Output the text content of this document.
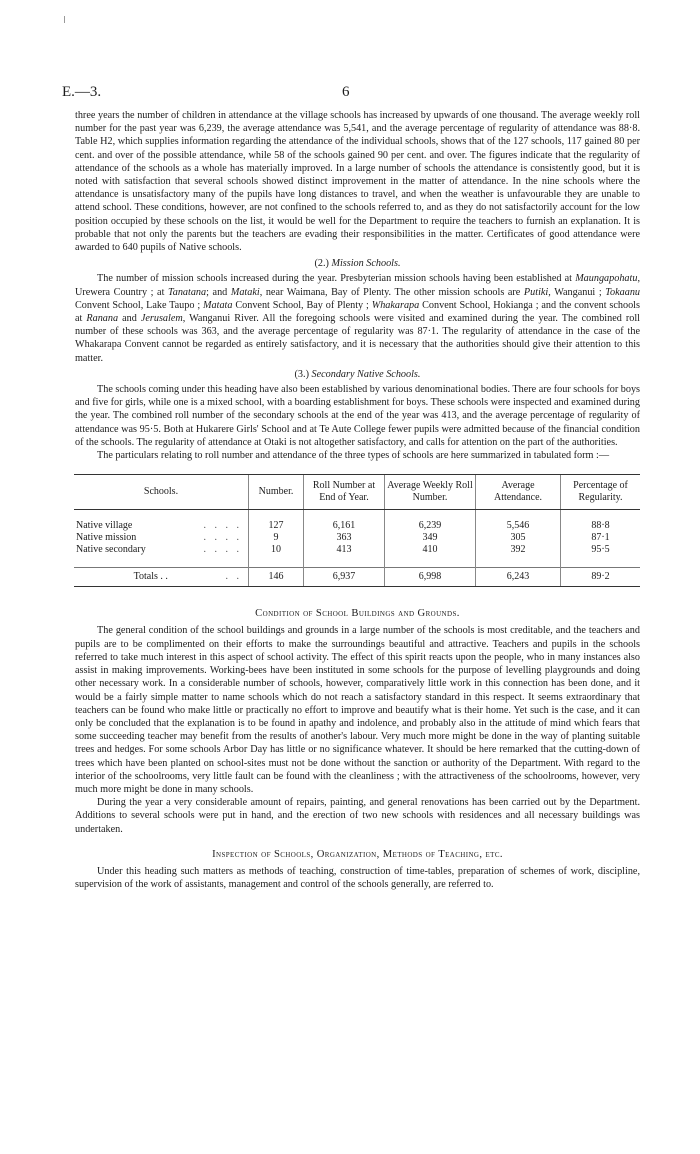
E.—3.	6

three years the number of children in attendance at the village schools has increased by upwards of one thousand. The average weekly roll number for the past year was 6,239, the average attendance was 5,541, and the average percentage of regularity of attendance was 88·8. Table H2, which supplies information regarding the attendance of the individual schools, shows that of the 127 schools, 117 gained 80 per cent. and over of the possible attendance, while 58 of the schools gained 90 per cent. and over. The figures indicate that the regularity of attendance of the schools as a whole has materially improved. In a large number of schools the attendance is consistently good, but it is noted with satisfaction that several schools showed distinct improvement in the matter of attendance. In the nine schools where the attendance is unsatisfactory many of the pupils have long distances to travel, and when the weather is unfavourable they are unable to attend school. These conditions, however, are not confined to the schools referred to, and as they do not satisfactorily account for the low position occupied by these schools on the list, it would be well for the Department to require the teachers to furnish an explanation. It is probable that not only the parents but the teachers are evading their responsibilities in the matter. Certificates of good attendance were awarded to 640 pupils of Native schools.

(2.) Mission Schools.

The number of mission schools increased during the year. Presbyterian mission schools having been established at Maungapohatu, Urewera Country ; at Tanatana; and Mataki, near Waimana, Bay of Plenty. The other mission schools are Putiki, Wanganui ; Tokaanu Convent School, Lake Taupo ; Matata Convent School, Bay of Plenty ; Whakarapa Convent School, Hokianga ; and the convent schools at Ranana and Jerusalem, Wanganui River. All the foregoing schools were visited and examined during the year. The combined roll number of these schools was 363, and the average percentage of regularity was 87·1. The regularity of attendance in the case of the Whakarapa Convent cannot be regarded as entirely satisfactory, and it is necessary that the authorities should give their attention to this matter.

(3.) Secondary Native Schools.

The schools coming under this heading have also been established by various denominational bodies. There are four schools for boys and five for girls, while one is a mixed school, with a boarding establishment for boys. These schools were inspected and examined during the year. The combined roll number of the secondary schools at the end of the year was 413, and the average percentage of regularity of attendance was 95·5. Both at Hukarere Girls' School and at Te Aute College fewer pupils were admitted because of the financial condition of the schools. The regularity of attendance at Otaki is not altogether satisfactory, and calls for attention on the part of the authorities.

The particulars relating to roll number and attendance of the three types of schools are here summarized in tabulated form :—

Schools.	Number.	Roll Number at End of Year.	Average Weekly Roll Number.	Average Attendance.	Percentage of Regularity.

Native village . . . .	127	6,161	6,239	5,546	88·8
Native mission . . . .	9	363	349	305	87·1
Native secondary . . . .	10	413	410	392	95·5

Totals . . . .	146	6,937	6,998	6,243	89·2
Condition of School Buildings and Grounds.

The general condition of the school buildings and grounds in a large number of the schools is most creditable, and the teachers and pupils are to be complimented on their efforts to make the surroundings beautiful and attractive. Teachers and pupils in the schools referred to take much interest in this aspect of school activity. The effect of this spirit reacts upon the people, who in many instances also assist in making improvements. Working-bees have been instituted in some schools for the purpose of levelling playgrounds and doing other necessary work. In a considerable number of schools, however, comparatively little work in this connection has been done, and it would be a fairly simple matter to name schools which do not reach a satisfactory standard in this respect. It seems extraordinary that teachers can be found who make little or practically no effort to improve and beautify what is their home. Yet such is the case, and it can only be concluded that the explanation is to be found in apathy and indolence, and probably also in the attitude of mind which fears that some succeeding teacher may benefit from the results of another's labour. Very much more might be done in the way of planting suitable trees and hedges. For some schools Arbor Day has little or no significance whatever. It should be here remarked that the cutting-down of trees which have been planted on school-sites must not be done without the sanction or authority of the Department. With regard to the interior of the schoolrooms, very little fault can be found with the cleanliness ; with the attractiveness of the schoolrooms, however, very much more might be done in many schools.

During the year a very considerable amount of repairs, painting, and general renovations has been carried out by the Department. Additions to several schools were put in hand, and the erection of two new schools with residences and all necessary buildings was undertaken.

Inspection of Schools, Organization, Methods of Teaching, etc.

Under this heading such matters as methods of teaching, construction of time-tables, preparation of schemes of work, discipline, supervision of the work of assistants, management and control of the schools generally, are referred to.
